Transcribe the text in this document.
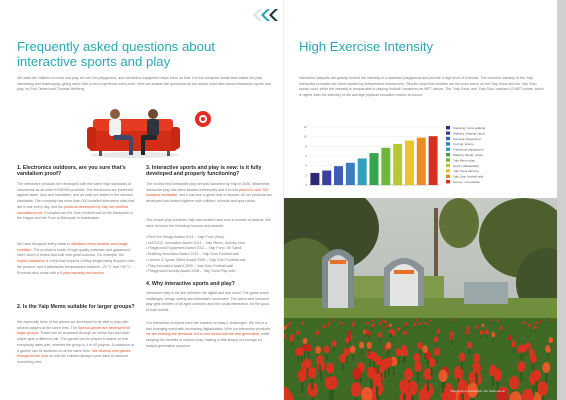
Frequently asked questions about interactive sports and play

We want the children to move and play all over the playground, and interactive equipment helps them do that. It is the computer inside that makes the play interesting and challenging, giving each child a new experience every time. Here we answer the questions we are asked most often about interactive sports and play, by Rob Tiebert and Thomas Heilberg.

1. Electronics outdoors, are you sure that's vandalism proof?

The interactive products are developed with the same high standards of robustness as all other KOMPAN products. The electronics are protected against water, dust and vandalism, and all units are tested to the strictest standards. The company has more than 300 installed interactive sites that are in use every day, and the products developed by Yalp are certified vandalism proof. Examples are the Sutu Football wall at the Marktplein in the Hague and the Fono at Balmpark in Amsterdam.

We have designed every detail to withstand every weather and usage condition. The product is made of high quality materials and galvanised steel, and it is tested and built with great success. For example, the impact resistance is a test that requires a 50kg weight being dropped onto the product, and it withstands temperatures between -25 °C and +50 °C. Products also come with a 5 year warranty and service.

2. Is the Yalp Memo suitable for larger groups?

We especially think of the games we developed to be able to play with several players at the same time. The Special games are developed for larger groups. These can be accessed through an online tool and each player gets a different role. The games can be played in teams so that everybody takes part, whether the group is 4 or 40 players. A maximum of 8 games can be switched on at the same time. We develop new games throughout the year so that the children always come back to discover something new.

3. Interactive sports and play is new: is it fully developed and properly functioning?

The world's first interactive play set was launched by Yalp in 2006. Meanwhile, interactive play has been studied extensively and it is now placed in over 300 locations worldwide, and it has won a great deal of awards. All our products are developed and tested together with children, schools and sport clubs.

The unique play solutions Yalp has created have won a number of awards. We have received the following honours and awards:

• Red Dot Design Award 2014 – Yalp Fono (Sutu)
• IAKS/IOC Innovation Award 2013 – Yalp Memo, Activity zone
• Playground Equipment Award 2012 – Yalp Fono, Jiri Sandi
• Building Innovation Award 2012 – Yalp Sutu Football wall
• Leisure & Sports Talent Award 2009 – Yalp Sutu Football wall
• Play Innovation Award 2009 – Yalp Sutu Football wall
• Playground Novelty Award 2008 – Yalp Sona Play arch

4. Why interactive sports and play?

Interactive play is the link between the digital and real world. The game world challenges, brings variety and stimulates movement. The active and inclusive play gets children of all ages outdoors and into social interaction, for the good of both worlds.

Our interactive products have the solution to today's challenges. We live in a fast changing world with increasing digitalisation. With our interactive products, we are meeting the demands of the new media and the new generation, while keeping the benefits of outdoor play, making a little simply not enough for today's generation anymore.

High Exercise Intensity

Interactive playsets will greatly exceed the intensity of a standard playground and provide a high level of exercise. The exercise intensity of the Yalp interactive products has been studied by independent researchers. Results show that children are far more active on the Yalp Sona and the Yalp Sutu sports court, while the intensity is comparable to playing football, measured as MET values. The 'Yalp Sona' and 'Yalp Sutu' reached 10 MET points, which is higher than the intensity of the average physical education lesson at school.

0
2
4
6
8
10
12	Standing / slow walking
Walking / playing catch
Average playground
Cycling, leisure
Traditional playground
Walking (brisk), active
Yalp Memo play
Sports (basketball)
Yalp Sona dancing
Yalp Sutu football wall
Soccer, competitive
Yalp Sona at Keukenhof, the Netherlands
